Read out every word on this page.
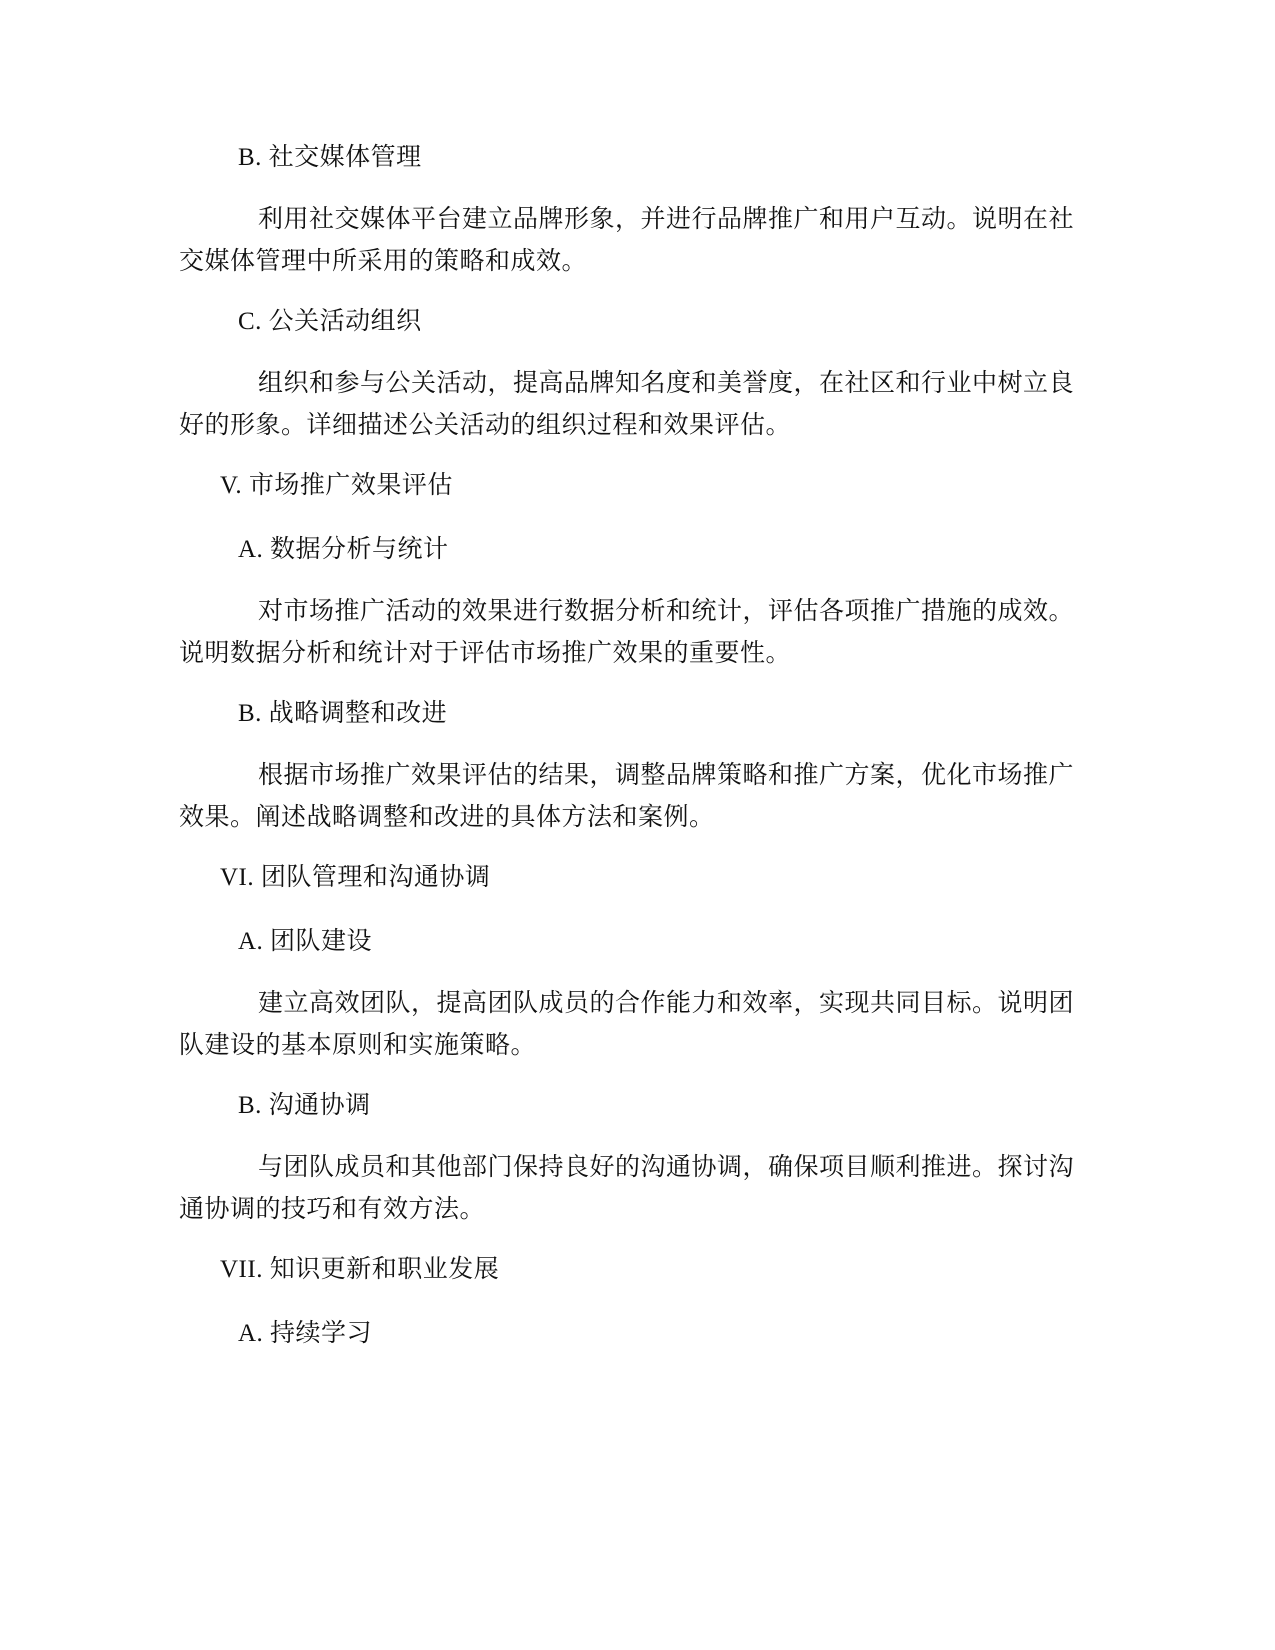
B. 社交媒体管理
利用社交媒体平台建立品牌形象，并进行品牌推广和用户互动。说明在社
交媒体管理中所采用的策略和成效。
C. 公关活动组织
组织和参与公关活动，提高品牌知名度和美誉度，在社区和行业中树立良
好的形象。详细描述公关活动的组织过程和效果评估。
V. 市场推广效果评估
A. 数据分析与统计
对市场推广活动的效果进行数据分析和统计，评估各项推广措施的成效。
说明数据分析和统计对于评估市场推广效果的重要性。
B. 战略调整和改进
根据市场推广效果评估的结果，调整品牌策略和推广方案，优化市场推广
效果。阐述战略调整和改进的具体方法和案例。
VI. 团队管理和沟通协调
A. 团队建设
建立高效团队，提高团队成员的合作能力和效率，实现共同目标。说明团
队建设的基本原则和实施策略。
B. 沟通协调
与团队成员和其他部门保持良好的沟通协调，确保项目顺利推进。探讨沟
通协调的技巧和有效方法。
VII. 知识更新和职业发展
A. 持续学习
